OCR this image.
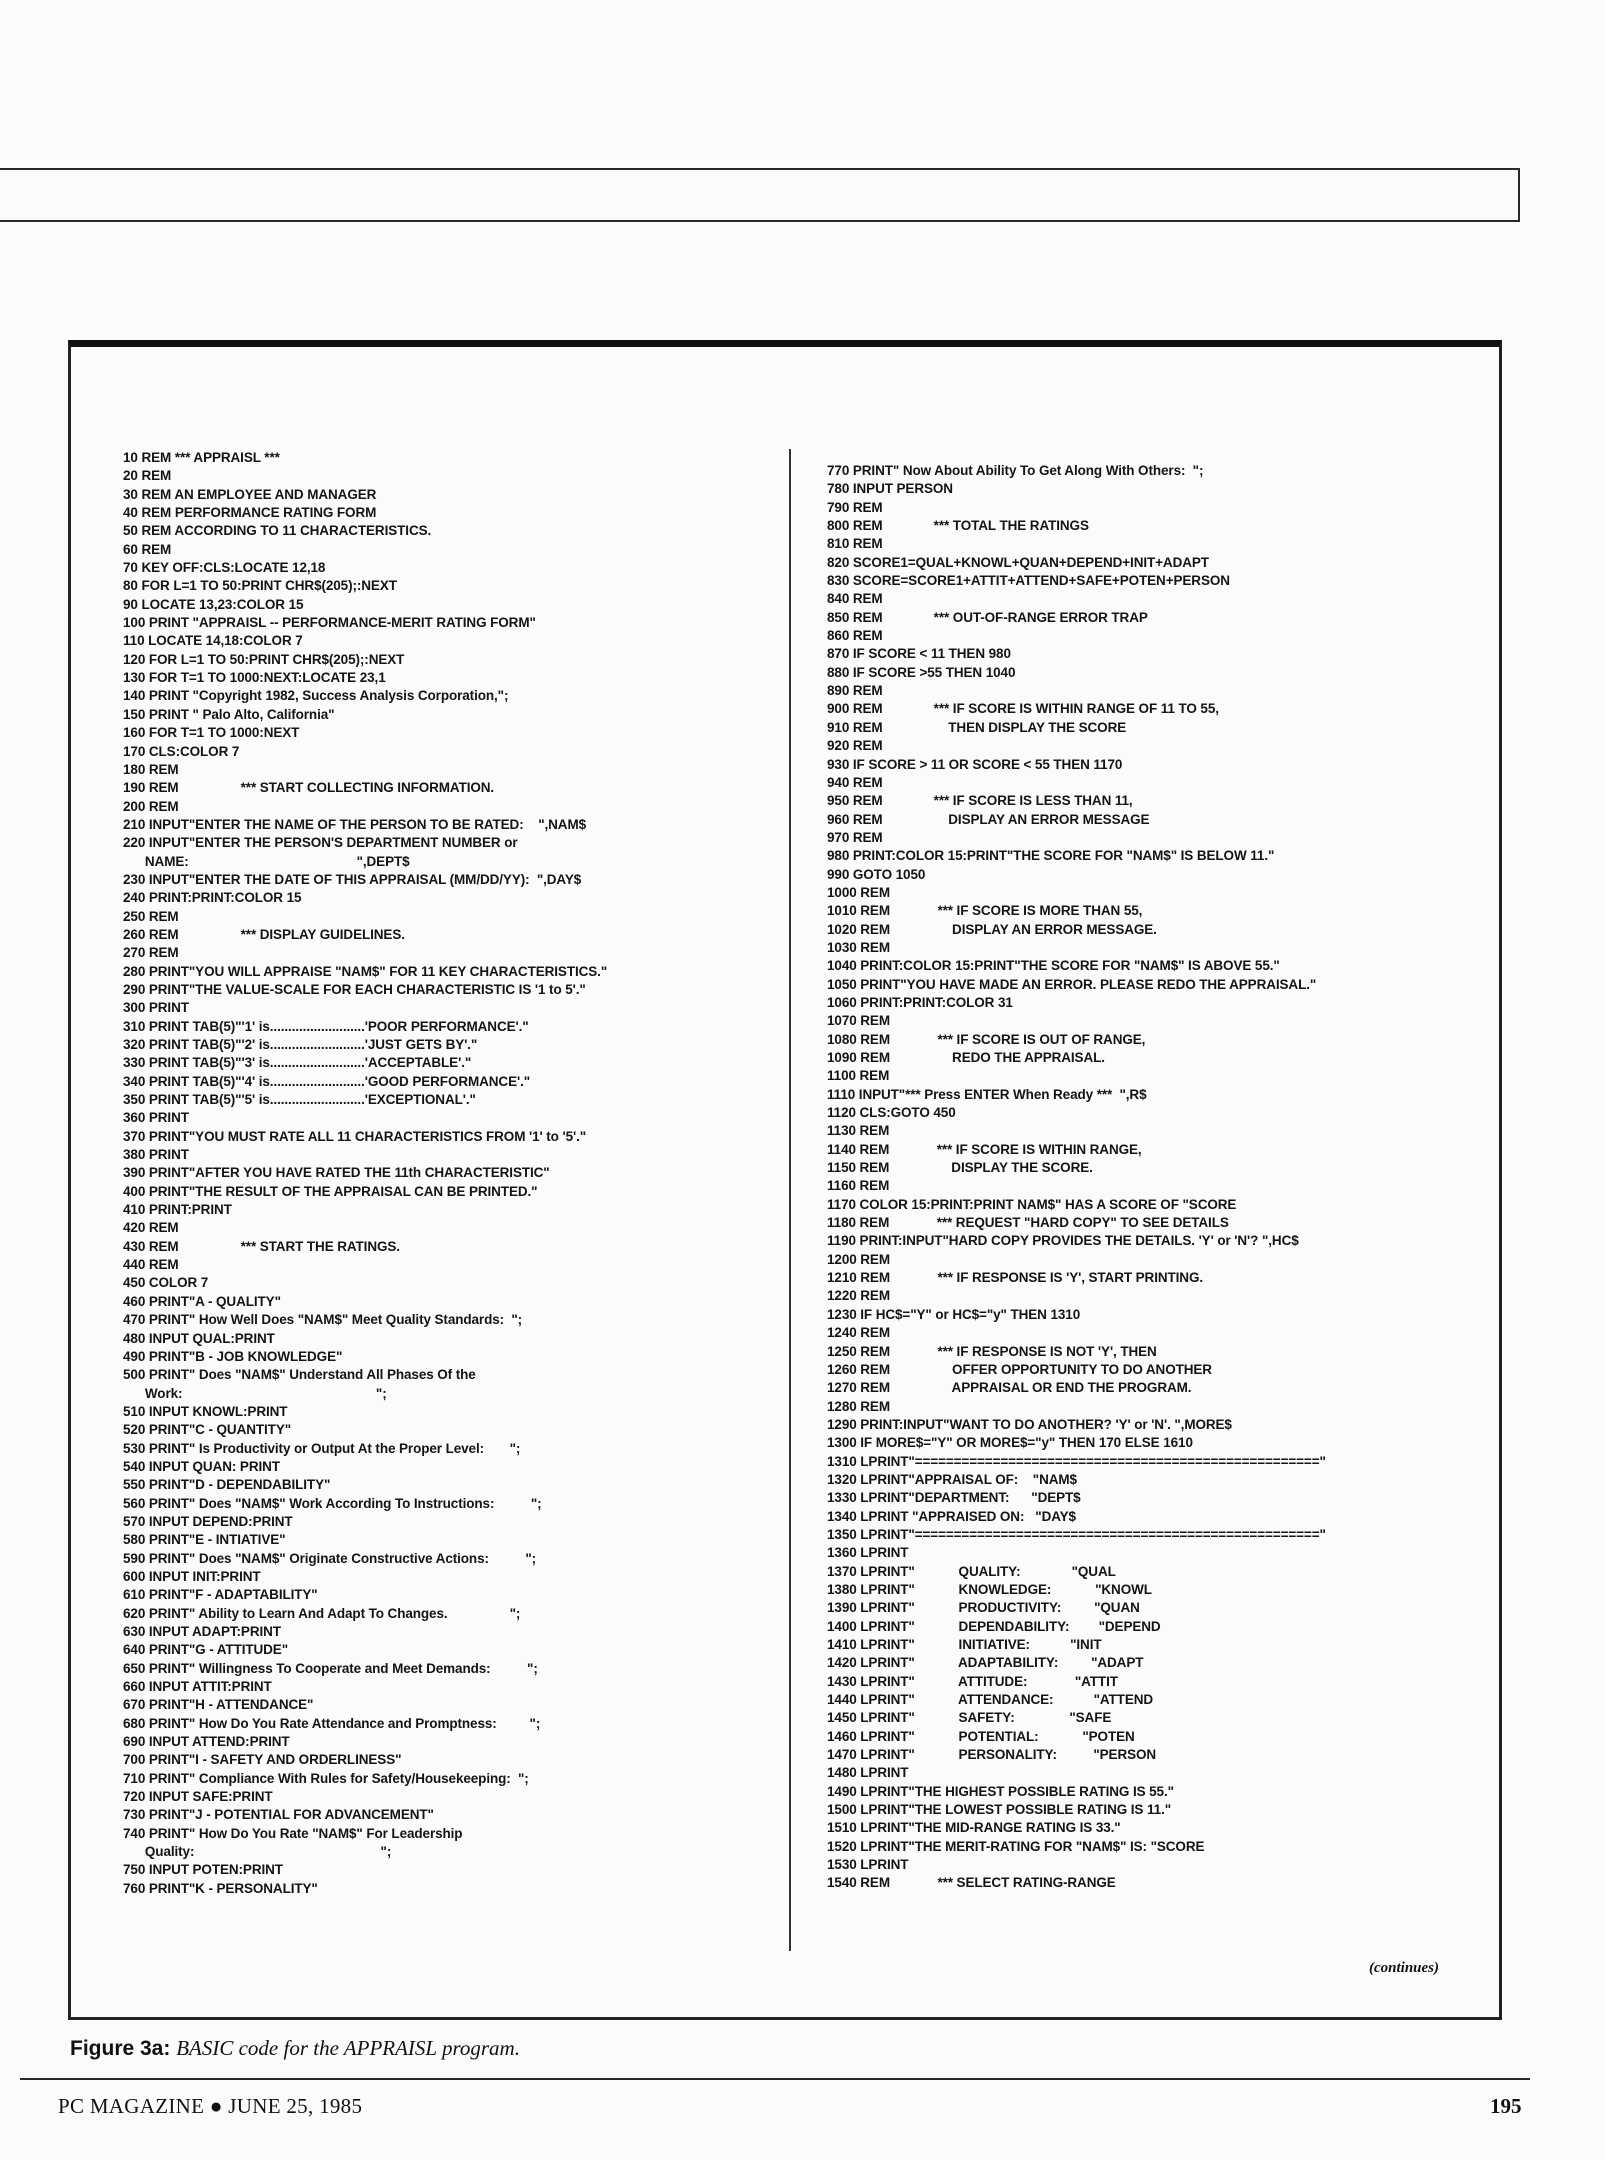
10 REM *** APPRAISL ***
20 REM
30 REM AN EMPLOYEE AND MANAGER
40 REM PERFORMANCE RATING FORM
50 REM ACCORDING TO 11 CHARACTERISTICS.
60 REM
70 KEY OFF:CLS:LOCATE 12,18
80 FOR L=1 TO 50:PRINT CHR$(205);:NEXT
90 LOCATE 13,23:COLOR 15
100 PRINT "APPRAISL -- PERFORMANCE-MERIT RATING FORM"
110 LOCATE 14,18:COLOR 7
120 FOR L=1 TO 50:PRINT CHR$(205);:NEXT
130 FOR T=1 TO 1000:NEXT:LOCATE 23,1
140 PRINT "Copyright 1982, Success Analysis Corporation,";
150 PRINT " Palo Alto, California"
160 FOR T=1 TO 1000:NEXT
170 CLS:COLOR 7
180 REM
190 REM                 *** START COLLECTING INFORMATION.
200 REM
210 INPUT"ENTER THE NAME OF THE PERSON TO BE RATED:    ",NAM$
220 INPUT"ENTER THE PERSON'S DEPARTMENT NUMBER or
NAME:                                              ",DEPT$
230 INPUT"ENTER THE DATE OF THIS APPRAISAL (MM/DD/YY):  ",DAY$
240 PRINT:PRINT:COLOR 15
250 REM
260 REM                 *** DISPLAY GUIDELINES.
270 REM
280 PRINT"YOU WILL APPRAISE "NAM$" FOR 11 KEY CHARACTERISTICS."
290 PRINT"THE VALUE-SCALE FOR EACH CHARACTERISTIC IS '1 to 5'."
300 PRINT
310 PRINT TAB(5)"'1' is..........................'POOR PERFORMANCE'."
320 PRINT TAB(5)"'2' is..........................'JUST GETS BY'."
330 PRINT TAB(5)"'3' is..........................'ACCEPTABLE'."
340 PRINT TAB(5)"'4' is..........................'GOOD PERFORMANCE'."
350 PRINT TAB(5)"'5' is..........................'EXCEPTIONAL'."
360 PRINT
370 PRINT"YOU MUST RATE ALL 11 CHARACTERISTICS FROM '1' to '5'."
380 PRINT
390 PRINT"AFTER YOU HAVE RATED THE 11th CHARACTERISTIC"
400 PRINT"THE RESULT OF THE APPRAISAL CAN BE PRINTED."
410 PRINT:PRINT
420 REM
430 REM                 *** START THE RATINGS.
440 REM
450 COLOR 7
460 PRINT"A - QUALITY"
470 PRINT" How Well Does "NAM$" Meet Quality Standards:  ";
480 INPUT QUAL:PRINT
490 PRINT"B - JOB KNOWLEDGE"
500 PRINT" Does "NAM$" Understand All Phases Of the
Work:                                                     ";
510 INPUT KNOWL:PRINT
520 PRINT"C - QUANTITY"
530 PRINT" Is Productivity or Output At the Proper Level:       ";
540 INPUT QUAN: PRINT
550 PRINT"D - DEPENDABILITY"
560 PRINT" Does "NAM$" Work According To Instructions:          ";
570 INPUT DEPEND:PRINT
580 PRINT"E - INTIATIVE"
590 PRINT" Does "NAM$" Originate Constructive Actions:          ";
600 INPUT INIT:PRINT
610 PRINT"F - ADAPTABILITY"
620 PRINT" Ability to Learn And Adapt To Changes.                 ";
630 INPUT ADAPT:PRINT
640 PRINT"G - ATTITUDE"
650 PRINT" Willingness To Cooperate and Meet Demands:          ";
660 INPUT ATTIT:PRINT
670 PRINT"H - ATTENDANCE"
680 PRINT" How Do You Rate Attendance and Promptness:         ";
690 INPUT ATTEND:PRINT
700 PRINT"I - SAFETY AND ORDERLINESS"
710 PRINT" Compliance With Rules for Safety/Housekeeping:  ";
720 INPUT SAFE:PRINT
730 PRINT"J - POTENTIAL FOR ADVANCEMENT"
740 PRINT" How Do You Rate "NAM$" For Leadership
Quality:                                                   ";
750 INPUT POTEN:PRINT
760 PRINT"K - PERSONALITY"
770 PRINT" Now About Ability To Get Along With Others:  ";
780 INPUT PERSON
790 REM
800 REM              *** TOTAL THE RATINGS
810 REM
820 SCORE1=QUAL+KNOWL+QUAN+DEPEND+INIT+ADAPT
830 SCORE=SCORE1+ATTIT+ATTEND+SAFE+POTEN+PERSON
840 REM
850 REM              *** OUT-OF-RANGE ERROR TRAP
860 REM
870 IF SCORE < 11 THEN 980
880 IF SCORE >55 THEN 1040
890 REM
900 REM              *** IF SCORE IS WITHIN RANGE OF 11 TO 55,
910 REM                  THEN DISPLAY THE SCORE
920 REM
930 IF SCORE > 11 OR SCORE < 55 THEN 1170
940 REM
950 REM              *** IF SCORE IS LESS THAN 11,
960 REM                  DISPLAY AN ERROR MESSAGE
970 REM
980 PRINT:COLOR 15:PRINT"THE SCORE FOR "NAM$" IS BELOW 11."
990 GOTO 1050
1000 REM
1010 REM             *** IF SCORE IS MORE THAN 55,
1020 REM                 DISPLAY AN ERROR MESSAGE.
1030 REM
1040 PRINT:COLOR 15:PRINT"THE SCORE FOR "NAM$" IS ABOVE 55."
1050 PRINT"YOU HAVE MADE AN ERROR. PLEASE REDO THE APPRAISAL."
1060 PRINT:PRINT:COLOR 31
1070 REM
1080 REM             *** IF SCORE IS OUT OF RANGE,
1090 REM                 REDO THE APPRAISAL.
1100 REM
1110 INPUT"*** Press ENTER When Ready ***  ",R$
1120 CLS:GOTO 450
1130 REM
1140 REM             *** IF SCORE IS WITHIN RANGE,
1150 REM                 DISPLAY THE SCORE.
1160 REM
1170 COLOR 15:PRINT:PRINT NAM$" HAS A SCORE OF "SCORE
1180 REM             *** REQUEST "HARD COPY" TO SEE DETAILS
1190 PRINT:INPUT"HARD COPY PROVIDES THE DETAILS. 'Y' or 'N'? ",HC$
1200 REM
1210 REM             *** IF RESPONSE IS 'Y', START PRINTING.
1220 REM
1230 IF HC$="Y" or HC$="y" THEN 1310
1240 REM
1250 REM             *** IF RESPONSE IS NOT 'Y', THEN
1260 REM                 OFFER OPPORTUNITY TO DO ANOTHER
1270 REM                 APPRAISAL OR END THE PROGRAM.
1280 REM
1290 PRINT:INPUT"WANT TO DO ANOTHER? 'Y' or 'N'. ",MORE$
1300 IF MORE$="Y" OR MORE$="y" THEN 170 ELSE 1610
1310 LPRINT"===================================================="
1320 LPRINT"APPRAISAL OF:    "NAM$
1330 LPRINT"DEPARTMENT:      "DEPT$
1340 LPRINT "APPRAISED ON:   "DAY$
1350 LPRINT"===================================================="
1360 LPRINT
1370 LPRINT"            QUALITY:              "QUAL
1380 LPRINT"            KNOWLEDGE:            "KNOWL
1390 LPRINT"            PRODUCTIVITY:         "QUAN
1400 LPRINT"            DEPENDABILITY:        "DEPEND
1410 LPRINT"            INITIATIVE:           "INIT
1420 LPRINT"            ADAPTABILITY:         "ADAPT
1430 LPRINT"            ATTITUDE:             "ATTIT
1440 LPRINT"            ATTENDANCE:           "ATTEND
1450 LPRINT"            SAFETY:               "SAFE
1460 LPRINT"            POTENTIAL:            "POTEN
1470 LPRINT"            PERSONALITY:          "PERSON
1480 LPRINT
1490 LPRINT"THE HIGHEST POSSIBLE RATING IS 55."
1500 LPRINT"THE LOWEST POSSIBLE RATING IS 11."
1510 LPRINT"THE MID-RANGE RATING IS 33."
1520 LPRINT"THE MERIT-RATING FOR "NAM$" IS: "SCORE
1530 LPRINT
1540 REM             *** SELECT RATING-RANGE
(continues)
Figure 3a: BASIC code for the APPRAISL program.
PC MAGAZINE ● JUNE 25, 1985	195
